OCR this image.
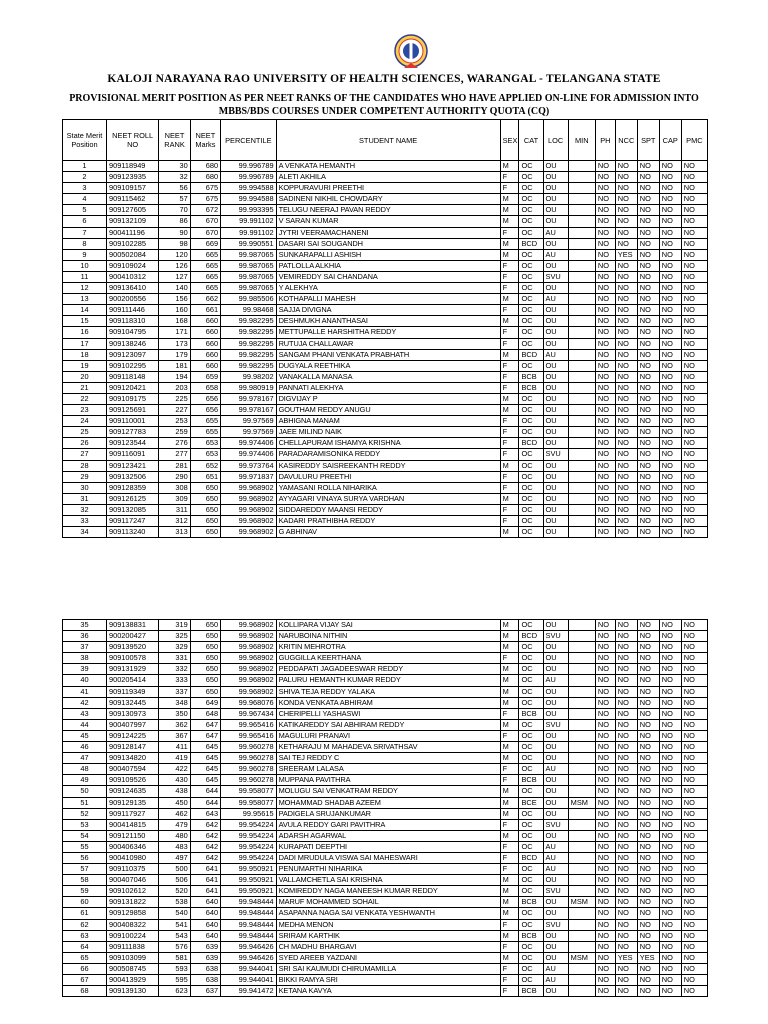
KALOJI NARAYANA RAO UNIVERSITY OF HEALTH SCIENCES, WARANGAL - TELANGANA STATE
PROVISIONAL MERIT POSITION AS PER NEET RANKS OF THE CANDIDATES WHO HAVE APPLIED ON-LINE FOR ADMISSION INTO MBBS/BDS COURSES UNDER COMPETENT AUTHORITY QUOTA (CQ)
State Merit Position	NEET ROLL NO	NEET RANK	NEET Marks	PERCENTILE	STUDENT NAME	SEX	CAT	LOC	MIN	PH	NCC	SPT	CAP	PMC
1	909118949	30	680	99.996789	A VENKATA HEMANTH	M	OC	OU		NO	NO	NO	NO	NO
2	909123935	32	680	99.996789	ALETI AKHILA	F	OC	OU		NO	NO	NO	NO	NO
3	909109157	56	675	99.994588	KOPPURAVURI PREETHI	F	OC	OU		NO	NO	NO	NO	NO
4	909115462	57	675	99.994588	SADINENI NIKHIL CHOWDARY	M	OC	OU		NO	NO	NO	NO	NO
5	909127605	70	672	99.993395	TELUGU NEERAJ PAVAN REDDY	M	OC	OU		NO	NO	NO	NO	NO
6	909132109	86	670	99.991102	V SARAN KUMAR	M	OC	OU		NO	NO	NO	NO	NO
7	900411196	90	670	99.991102	JYTRI VEERAMACHANENI	F	OC	AU		NO	NO	NO	NO	NO
8	909102285	98	669	99.990551	DASARI SAI SOUGANDH	M	BCD	OU		NO	NO	NO	NO	NO
9	900502084	120	665	99.987065	SUNKARAPALLI ASHISH	M	OC	AU		NO	YES	NO	NO	NO
10	909109024	126	665	99.987065	PATLOLLA ALKHIA	F	OC	OU		NO	NO	NO	NO	NO
11	900410312	127	665	99.987065	VEMIREDDY SAI CHANDANA	F	OC	SVU		NO	NO	NO	NO	NO
12	909136410	140	665	99.987065	Y ALEKHYA	F	OC	OU		NO	NO	NO	NO	NO
13	900200556	156	662	99.985506	KOTHAPALLI MAHESH	M	OC	AU		NO	NO	NO	NO	NO
14	909111446	160	661	99.98468	SAJJA DIVIGNA	F	OC	OU		NO	NO	NO	NO	NO
15	909118310	168	660	99.982295	DESHMUKH ANANTHASAI	M	OC	OU		NO	NO	NO	NO	NO
16	909104795	171	660	99.982295	METTUPALLE HARSHITHA REDDY	F	OC	OU		NO	NO	NO	NO	NO
17	909138246	173	660	99.982295	RUTUJA CHALLAWAR	F	OC	OU		NO	NO	NO	NO	NO
18	909123097	179	660	99.982295	SANGAM PHANI VENKATA PRABHATH	M	BCD	AU		NO	NO	NO	NO	NO
19	909102295	181	660	99.982295	DUGYALA REETHIKA	F	OC	OU		NO	NO	NO	NO	NO
20	909118148	194	659	99.98202	VANAKALLA MANASA	F	BCB	OU		NO	NO	NO	NO	NO
21	909120421	203	658	99.980919	PANNATI ALEKHYA	F	BCB	OU		NO	NO	NO	NO	NO
22	909109175	225	656	99.978167	DIGVIJAY P	M	OC	OU		NO	NO	NO	NO	NO
23	909125691	227	656	99.978167	GOUTHAM REDDY ANUGU	M	OC	OU		NO	NO	NO	NO	NO
24	909110001	253	655	99.97569	ABHIGNA MANAM	F	OC	OU		NO	NO	NO	NO	NO
25	909127783	259	655	99.97569	JAEE MILIND NAIK	F	OC	OU		NO	NO	NO	NO	NO
26	909123544	276	653	99.974406	CHELLAPURAM ISHAMYA KRISHNA	F	BCD	OU		NO	NO	NO	NO	NO
27	909116091	277	653	99.974406	PARADARAMISONIKA REDDY	F	OC	SVU		NO	NO	NO	NO	NO
28	909123421	281	652	99.973764	KASIREDDY SAISREEKANTH REDDY	M	OC	OU		NO	NO	NO	NO	NO
29	909132506	290	651	99.971837	DAVULURU PREETHI	F	OC	OU		NO	NO	NO	NO	NO
30	909128359	308	650	99.968902	YAMASANI ROLLA NIHARIKA	F	OC	OU		NO	NO	NO	NO	NO
31	909126125	309	650	99.968902	AYYAGARI VINAYA SURYA VARDHAN	M	OC	OU		NO	NO	NO	NO	NO
32	909132085	311	650	99.968902	SIDDAREDDY MAANSI REDDY	F	OC	OU		NO	NO	NO	NO	NO
33	909117247	312	650	99.968902	KADARI PRATHIBHA REDDY	F	OC	OU		NO	NO	NO	NO	NO
34	909113240	313	650	99.968902	G ABHINAV	M	OC	OU		NO	NO	NO	NO	NO
35	909138831	319	650	99.968902	KOLLIPARA VIJAY SAI	M	OC	OU		NO	NO	NO	NO	NO
36	900200427	325	650	99.968902	NARUBOINA NITHIN	M	BCD	SVU		NO	NO	NO	NO	NO
37	909139520	329	650	99.968902	KRITIN MEHROTRA	M	OC	OU		NO	NO	NO	NO	NO
38	909100578	331	650	99.968902	GUGGILLA KEERTHANA	F	OC	OU		NO	NO	NO	NO	NO
39	909131929	332	650	99.968902	PEDDAPATI JAGADEESWAR REDDY	M	OC	OU		NO	NO	NO	NO	NO
40	900205414	333	650	99.968902	PALURU HEMANTH KUMAR REDDY	M	OC	AU		NO	NO	NO	NO	NO
41	909119349	337	650	99.968902	SHIVA TEJA REDDY YALAKA	M	OC	OU		NO	NO	NO	NO	NO
42	909132445	348	649	99.968076	KONDA VENKATA ABHIRAM	M	OC	OU		NO	NO	NO	NO	NO
43	909130973	350	648	99.967434	CHERIPELLI YASHASWI	F	BCB	OU		NO	NO	NO	NO	NO
44	900407997	362	647	99.965416	KATIKAREDDY SAI ABHIRAM REDDY	M	OC	SVU		NO	NO	NO	NO	NO
45	909124225	367	647	99.965416	MAGULURI PRANAVI	F	OC	OU		NO	NO	NO	NO	NO
46	909128147	411	645	99.960278	KETHARAJU M MAHADEVA SRIVATHSAV	M	OC	OU		NO	NO	NO	NO	NO
47	909134820	419	645	99.960278	SAI TEJ REDDY C	M	OC	OU		NO	NO	NO	NO	NO
48	900407594	422	645	99.960278	SREERAM LALASA	F	OC	AU		NO	NO	NO	NO	NO
49	909109526	430	645	99.960278	MUPPANA PAVITHRA	F	BCB	OU		NO	NO	NO	NO	NO
50	909124635	438	644	99.958077	MOLUGU SAI VENKATRAM REDDY	M	OC	OU		NO	NO	NO	NO	NO
51	909129135	450	644	99.958077	MOHAMMAD SHADAB AZEEM	M	BCE	OU	MSM	NO	NO	NO	NO	NO
52	909117927	462	643	99.95615	PADIGELA SRUJANKUMAR	M	OC	OU		NO	NO	NO	NO	NO
53	900414815	479	642	99.954224	AVULA REDDY GARI PAVITHRA	F	OC	SVU		NO	NO	NO	NO	NO
54	909121150	480	642	99.954224	ADARSH AGARWAL	M	OC	OU		NO	NO	NO	NO	NO
55	900406346	483	642	99.954224	KURAPATI DEEPTHI	F	OC	AU		NO	NO	NO	NO	NO
56	900410980	497	642	99.954224	DADI MRUDULA VISWA SAI MAHESWARI	F	BCD	AU		NO	NO	NO	NO	NO
57	909110375	500	641	99.950921	PENUMARTHI NIHARIKA	F	OC	AU		NO	NO	NO	NO	NO
58	900407046	506	641	99.950921	VALLAMCHETLA SAI KRISHNA	M	OC	OU		NO	NO	NO	NO	NO
59	909102612	520	641	99.950921	KOMIREDDY NAGA MANEESH KUMAR REDDY	M	OC	SVU		NO	NO	NO	NO	NO
60	909131822	538	640	99.948444	MARUF MOHAMMED SOHAIL	M	BCB	OU	MSM	NO	NO	NO	NO	NO
61	909129858	540	640	99.948444	ASAPANNA NAGA SAI VENKATA YESHWANTH	M	OC	OU		NO	NO	NO	NO	NO
62	900408322	541	640	99.948444	MEDHA MENON	F	OC	SVU		NO	NO	NO	NO	NO
63	909100224	543	640	99.948444	SRIRAM KARTHIK	M	BCB	OU		NO	NO	NO	NO	NO
64	909111838	576	639	99.946426	CH MADHU BHARGAVI	F	OC	OU		NO	NO	NO	NO	NO
65	909103099	581	639	99.946426	SYED AREEB YAZDANI	M	OC	OU	MSM	NO	YES	YES	NO	NO
66	900508745	593	638	99.944041	SRI SAI KAUMUDI CHIRUMAMILLA	F	OC	AU		NO	NO	NO	NO	NO
67	900413929	595	638	99.944041	BIKKI RAMYA SRI	F	OC	AU		NO	NO	NO	NO	NO
68	909139130	623	637	99.941472	KETANA KAVYA	F	BCB	OU		NO	NO	NO	NO	NO
